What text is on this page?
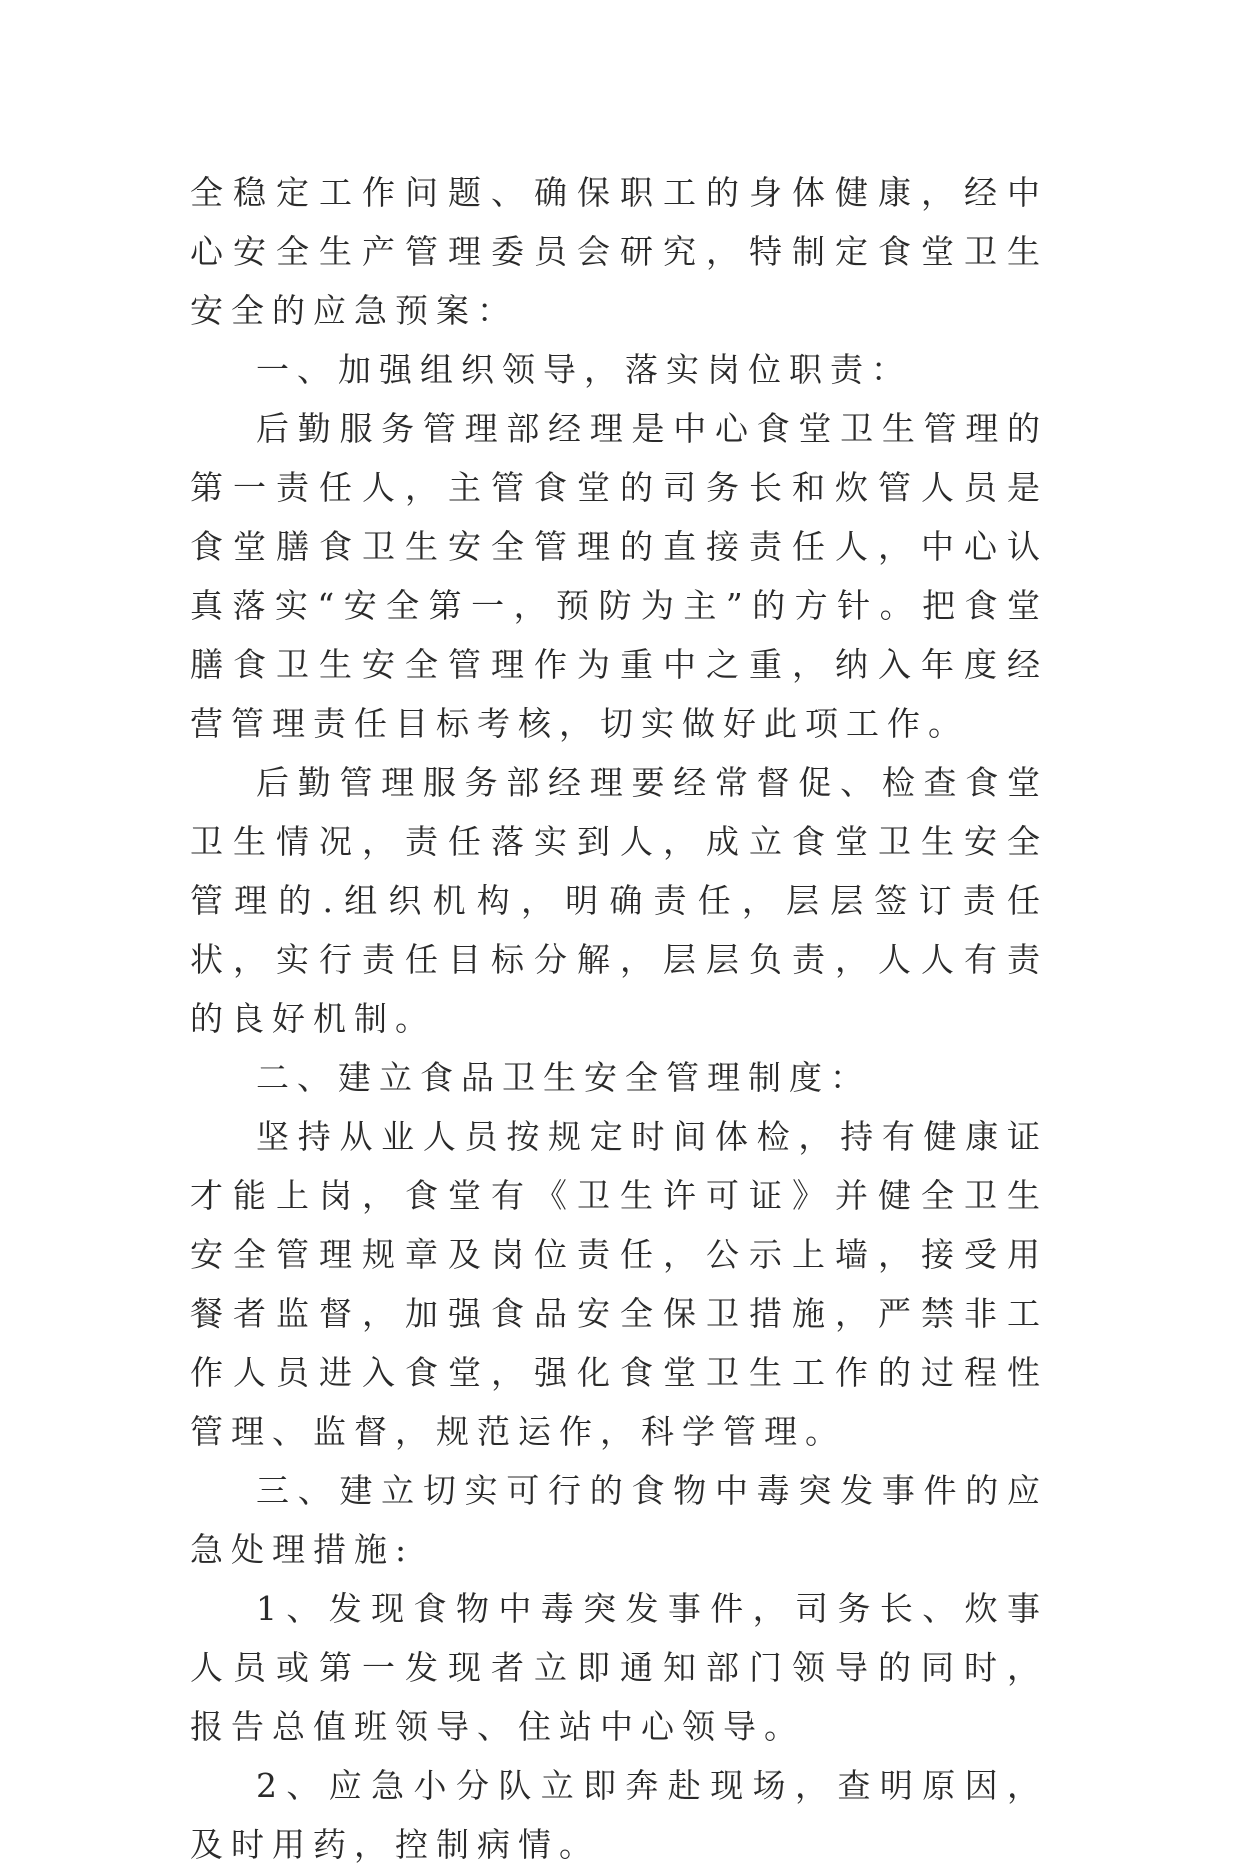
全稳定工作问题、确保职工的身体健康，经中心安全生产管理委员会研究，特制定食堂卫生安全的应急预案：

一、加强组织领导，落实岗位职责：

后勤服务管理部经理是中心食堂卫生管理的第一责任人，主管食堂的司务长和炊管人员是食堂膳食卫生安全管理的直接责任人，中心认真落实“安全第一，预防为主”的方针。把食堂膳食卫生安全管理作为重中之重，纳入年度经营管理责任目标考核，切实做好此项工作。

后勤管理服务部经理要经常督促、检查食堂卫生情况，责任落实到人，成立食堂卫生安全管理的.组织机构，明确责任，层层签订责任状，实行责任目标分解，层层负责，人人有责的良好机制。

二、建立食品卫生安全管理制度：

坚持从业人员按规定时间体检，持有健康证才能上岗，食堂有《卫生许可证》并健全卫生安全管理规章及岗位责任，公示上墙，接受用餐者监督，加强食品安全保卫措施，严禁非工作人员进入食堂，强化食堂卫生工作的过程性管理、监督，规范运作，科学管理。

三、建立切实可行的食物中毒突发事件的应急处理措施:

1、发现食物中毒突发事件，司务长、炊事人员或第一发现者立即通知部门领导的同时，报告总值班领导、住站中心领导。

2、应急小分队立即奔赴现场，查明原因，及时用药，控制病情。
